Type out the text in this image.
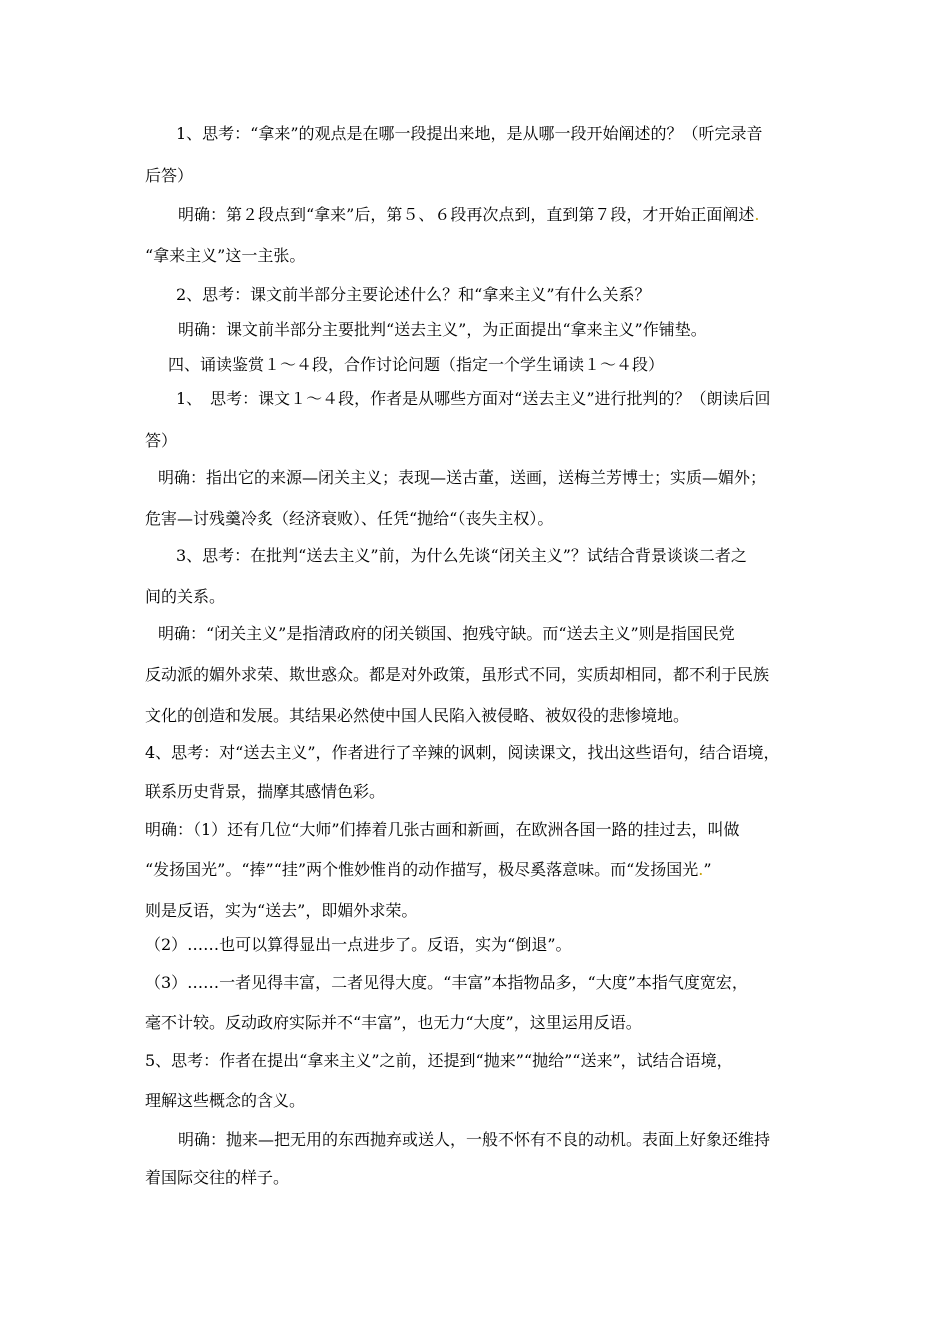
1、思考：“拿来”的观点是在哪一段提出来地，是从哪一段开始阐述的？（听完录音
后答）
明确：第２段点到“拿来”后，第５、６段再次点到，直到第７段，才开始正面阐述.
“拿来主义”这一主张。
2、思考：课文前半部分主要论述什么？和“拿来主义”有什么关系？
明确：课文前半部分主要批判“送去主义”，为正面提出“拿来主义”作铺垫。
四、诵读鉴赏１～４段，合作讨论问题（指定一个学生诵读１～４段）
1、　思考：课文１～４段，作者是从哪些方面对“送去主义”进行批判的？（朗读后回
答）
明确：指出它的来源—闭关主义；表现—送古董，送画，送梅兰芳博士；实质—媚外；
危害—讨残羹冷炙（经济衰败）、任凭“抛给“（丧失主权）。
3、思考：在批判“送去主义”前，为什么先谈“闭关主义”？试结合背景谈谈二者之
间的关系。
明确：“闭关主义”是指清政府的闭关锁国、抱残守缺。而“送去主义”则是指国民党
反动派的媚外求荣、欺世惑众。都是对外政策，虽形式不同，实质却相同，都不利于民族
文化的创造和发展。其结果必然使中国人民陷入被侵略、被奴役的悲惨境地。
4、思考：对“送去主义”，作者进行了辛辣的讽刺，阅读课文，找出这些语句，结合语境，
联系历史背景，揣摩其感情色彩。
明确：（1）还有几位“大师”们捧着几张古画和新画，在欧洲各国一路的挂过去，叫做
“发扬国光”。“捧”“挂”两个惟妙惟肖的动作描写，极尽奚落意味。而“发扬国光.”
则是反语，实为“送去”，即媚外求荣。
（2）……也可以算得显出一点进步了。反语，实为“倒退”。
（3）……一者见得丰富，二者见得大度。“丰富”本指物品多，“大度”本指气度宽宏，
毫不计较。反动政府实际并不“丰富”，也无力“大度”，这里运用反语。
5、思考：作者在提出“拿来主义”之前，还提到“抛来”“抛给”“送来”，试结合语境，
理解这些概念的含义。
明确：抛来—把无用的东西抛弃或送人，一般不怀有不良的动机。表面上好象还维持
着国际交往的样子。
